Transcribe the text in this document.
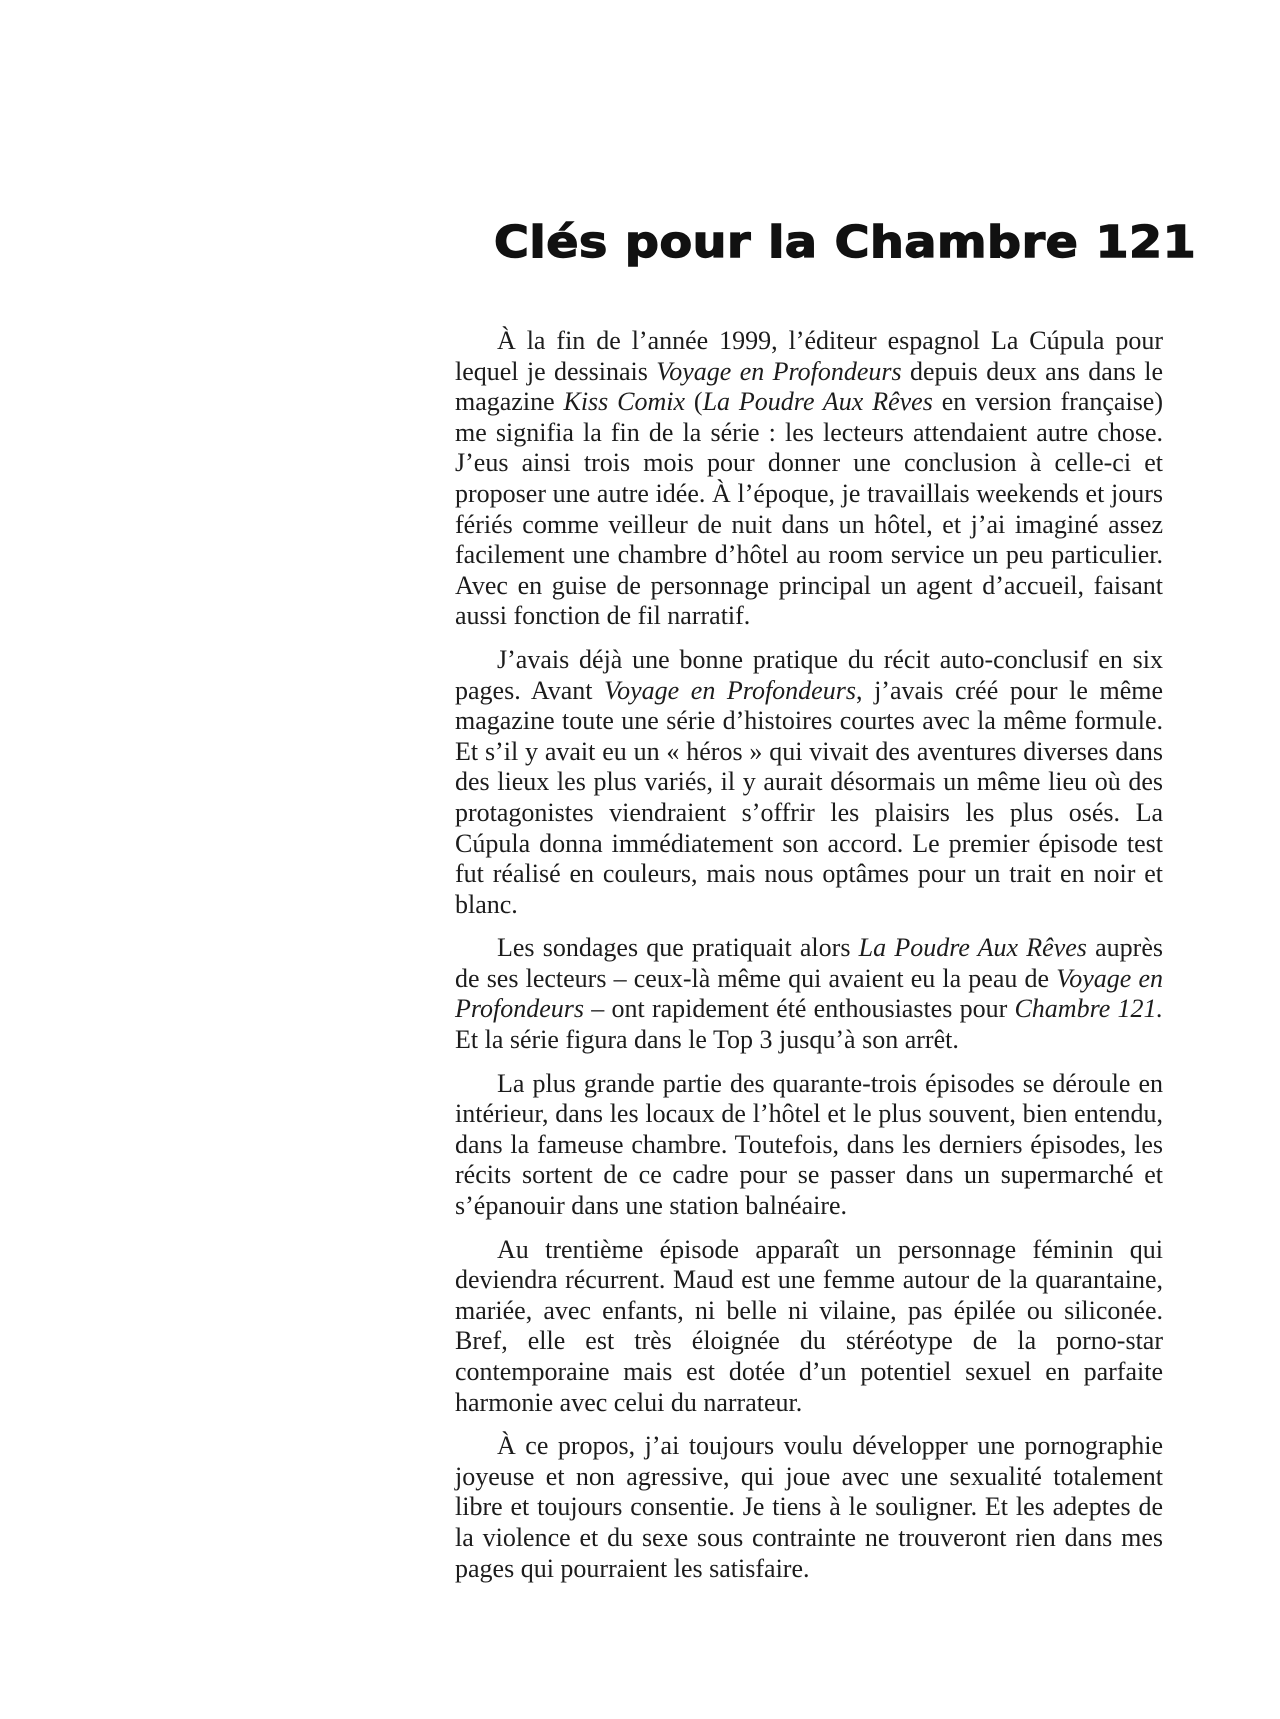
Clés pour la Chambre 121

À la fin de l’année 1999, l’éditeur espagnol La Cúpula pour lequel je dessinais Voyage en Profondeurs depuis deux ans dans le magazine Kiss Comix (La Poudre Aux Rêves en version française) me signifia la fin de la série : les lecteurs attendaient autre chose. J’eus ainsi trois mois pour donner une conclusion à celle-ci et proposer une autre idée. À l’époque, je travaillais weekends et jours fériés comme veilleur de nuit dans un hôtel, et j’ai imaginé assez facilement une chambre d’hôtel au room service un peu particulier. Avec en guise de personnage principal un agent d’accueil, faisant aussi fonction de fil narratif.

J’avais déjà une bonne pratique du récit auto-conclusif en six pages. Avant Voyage en Profondeurs, j’avais créé pour le même magazine toute une série d’histoires courtes avec la même formule. Et s’il y avait eu un « héros » qui vivait des aventures diverses dans des lieux les plus variés, il y aurait désormais un même lieu où des protagonistes viendraient s’offrir les plaisirs les plus osés. La Cúpula donna immédiatement son accord. Le premier épisode test fut réalisé en couleurs, mais nous optâmes pour un trait en noir et blanc.

Les sondages que pratiquait alors La Poudre Aux Rêves auprès de ses lecteurs – ceux-là même qui avaient eu la peau de Voyage en Profondeurs – ont rapidement été enthousiastes pour Chambre 121. Et la série figura dans le Top 3 jusqu’à son arrêt.

La plus grande partie des quarante-trois épisodes se déroule en intérieur, dans les locaux de l’hôtel et le plus souvent, bien entendu, dans la fameuse chambre. Toutefois, dans les derniers épisodes, les récits sortent de ce cadre pour se passer dans un supermarché et s’épanouir dans une station balnéaire.

Au trentième épisode apparaît un personnage féminin qui deviendra récurrent. Maud est une femme autour de la quarantaine, mariée, avec enfants, ni belle ni vilaine, pas épilée ou siliconée. Bref, elle est très éloignée du stéréotype de la porno-star contemporaine mais est dotée d’un potentiel sexuel en parfaite harmonie avec celui du narrateur.

À ce propos, j’ai toujours voulu développer une pornographie joyeuse et non agressive, qui joue avec une sexualité totalement libre et toujours consentie. Je tiens à le souligner. Et les adeptes de la violence et du sexe sous contrainte ne trouveront rien dans mes pages qui pourraient les satisfaire.
